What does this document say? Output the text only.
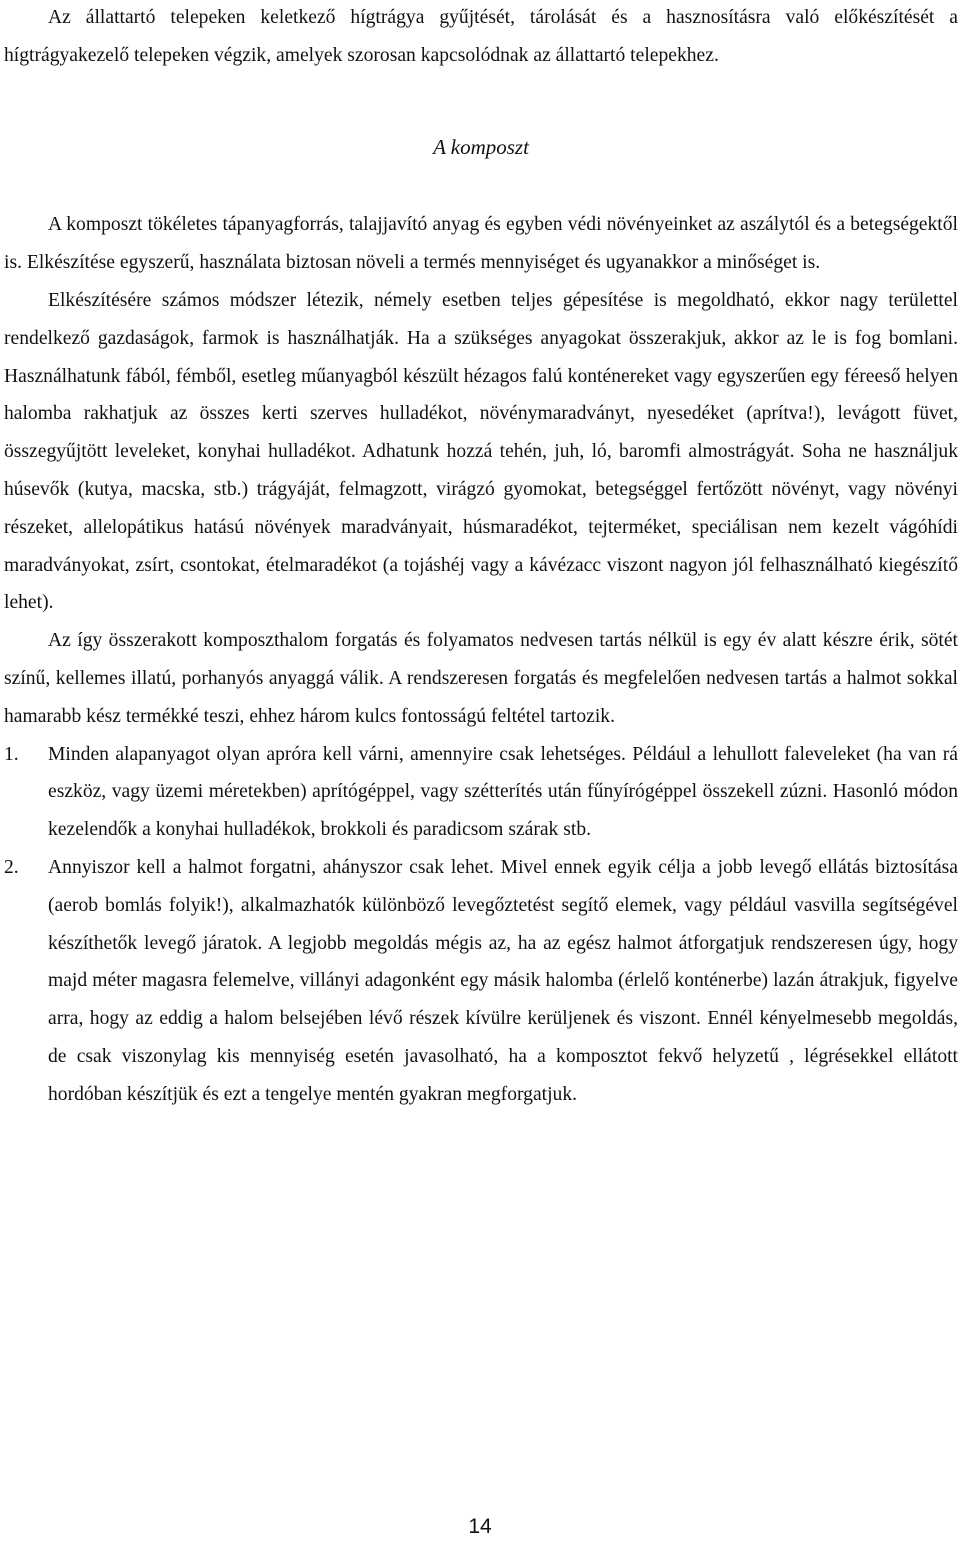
Az állattartó telepeken keletkező hígtrágya gyűjtését, tárolását és a hasznosításra való előkészítését a hígtrágyakezelő telepeken végzik, amelyek szorosan kapcsolódnak az állattartó telepekhez.

A komposzt

A komposzt tökéletes tápanyagforrás, talajjavító anyag és egyben védi növényeinket az aszálytól és a betegségektől is. Elkészítése egyszerű, használata biztosan növeli a termés mennyiséget és ugyanakkor a minőséget is.

Elkészítésére számos módszer létezik, némely esetben teljes gépesítése is megoldható, ekkor nagy területtel rendelkező gazdaságok, farmok is használhatják. Ha a szükséges anyagokat összerakjuk, akkor az le is fog bomlani. Használhatunk fából, fémből, esetleg műanyagból készült hézagos falú konténereket vagy egyszerűen egy féreeső helyen halomba rakhatjuk az összes kerti szerves hulladékot, növénymaradványt, nyesedéket (aprítva!), levágott füvet, összegyűjtött leveleket, konyhai hulladékot. Adhatunk hozzá tehén, juh, ló, baromfi almostrágyát. Soha ne használjuk húsevők (kutya, macska, stb.) trágyáját, felmagzott, virágzó gyomokat, betegséggel fertőzött növényt, vagy növényi részeket, allelopátikus hatású növények maradványait, húsmaradékot, tejterméket, speciálisan nem kezelt vágóhídi maradványokat, zsírt, csontokat, ételmaradékot (a tojáshéj vagy a kávézacc viszont nagyon jól felhasználható kiegészítő lehet).

Az így összerakott komposzthalom forgatás és folyamatos nedvesen tartás nélkül is egy év alatt készre érik, sötét színű, kellemes illatú, porhanyós anyaggá válik. A rendszeresen forgatás és megfelelően nedvesen tartás a halmot sokkal hamarabb kész termékké teszi, ehhez három kulcs fontosságú feltétel tartozik.

1. Minden alapanyagot olyan apróra kell várni, amennyire csak lehetséges. Például a lehullott faleveleket (ha van rá eszköz, vagy üzemi méretekben) aprítógéppel, vagy szétterítés után fűnyírógéppel összekell zúzni. Hasonló módon kezelendők a konyhai hulladékok, brokkoli és paradicsom szárak stb.

2. Annyiszor kell a halmot forgatni, ahányszor csak lehet. Mivel ennek egyik célja a jobb levegő ellátás biztosítása (aerob bomlás folyik!), alkalmazhatók különböző levegőztetést segítő elemek, vagy például vasvilla segítségével készíthetők levegő járatok. A legjobb megoldás mégis az, ha az egész halmot átforgatjuk rendszeresen úgy, hogy majd méter magasra felemelve, villányi adagonként egy másik halomba (érlelő konténerbe) lazán átrakjuk, figyelve arra, hogy az eddig a halom belsejében lévő részek kívülre kerüljenek és viszont. Ennél kényelmesebb megoldás, de csak viszonylag kis mennyiség esetén javasolható, ha a komposztot fekvő helyzetű , légrésekkel ellátott hordóban készítjük és ezt a tengelye mentén gyakran megforgatjuk.

14
